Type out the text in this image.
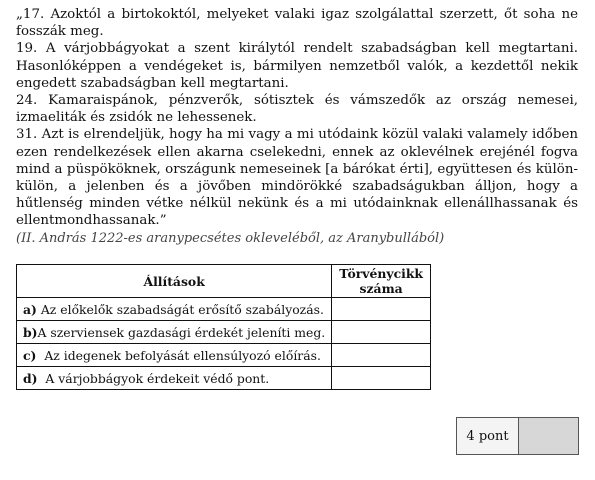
„17. Azoktól a birtokoktól, melyeket valaki igaz szolgálattal szerzett, őt soha ne fosszák meg.

19. A várjobbágyokat a szent királytól rendelt szabadságban kell megtartani. Hasonlóképpen a vendégeket is, bármilyen nemzetből valók, a kezdettől nekik engedett szabadságban kell megtartani.

24. Kamaraispánok, pénzverők, sótisztek és vámszedők az ország nemesei, izmaeliták és zsidók ne lehessenek.

31. Azt is elrendeljük, hogy ha mi vagy a mi utódaink közül valaki valamely időben ezen rendelkezések ellen akarna cselekedni, ennek az oklevélnek erejénél fogva mind a püspököknek, országunk nemeseinek [a bárókat érti], együttesen és külön-külön, a jelenben és a jövőben mindörökké szabadságukban álljon, hogy a hűtlenség minden vétke nélkül nekünk és a mi utódainknak ellenállhassanak és ellentmondhassanak.”

(II. András 1222-es aranypecsétes okleveléből, az Aranybullából)

Állítások	Törvénycikk száma
a) Az előkelők szabadságát erősítő szabályozás.	
b)A szerviensek gazdasági érdekét jeleníti meg.	
c) Az idegenek befolyását ellensúlyozó előírás.	
d) A várjobbágyok érdekeit védő pont.	
4 pont
